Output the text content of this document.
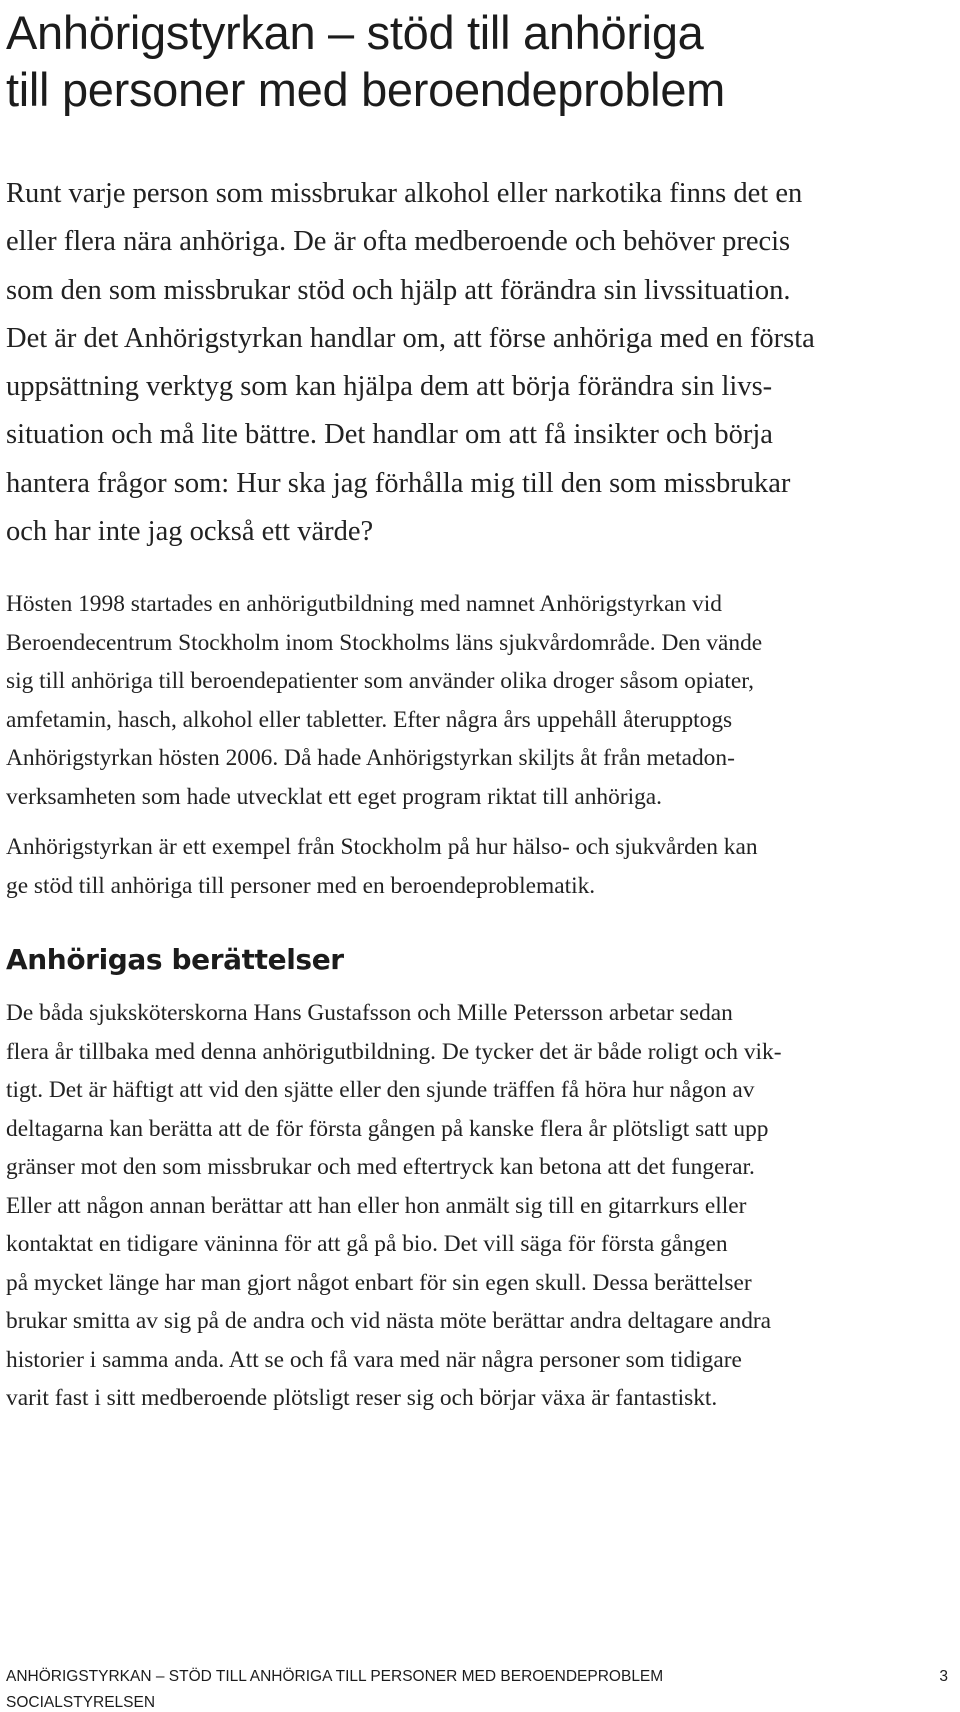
Anhörigstyrkan – stöd till anhöriga
till personer med beroendeproblem

Runt varje person som missbrukar alkohol eller narkotika finns det en
eller flera nära anhöriga. De är ofta medberoende och behöver precis
som den som missbrukar stöd och hjälp att förändra sin livssituation.
Det är det Anhörigstyrkan handlar om, att förse anhöriga med en första
uppsättning verktyg som kan hjälpa dem att börja förändra sin livs-
situation och må lite bättre. Det handlar om att få insikter och börja
hantera frågor som: Hur ska jag förhålla mig till den som missbrukar
och har inte jag också ett värde?

Hösten 1998 startades en anhörigutbildning med namnet Anhörigstyrkan vid
Beroendecentrum Stockholm inom Stockholms läns sjukvårdområde. Den vände
sig till anhöriga till beroendepatienter som använder olika droger såsom opiater,
amfetamin, hasch, alkohol eller tabletter. Efter några års uppehåll återupptogs
Anhörigstyrkan hösten 2006. Då hade Anhörigstyrkan skiljts åt från metadon-
verksamheten som hade utvecklat ett eget program riktat till anhöriga.

Anhörigstyrkan är ett exempel från Stockholm på hur hälso- och sjukvården kan
ge stöd till anhöriga till personer med en beroendeproblematik.

Anhörigas berättelser

De båda sjuksköterskorna Hans Gustafsson och Mille Petersson arbetar sedan
flera år tillbaka med denna anhörigutbildning. De tycker det är både roligt och vik-
tigt. Det är häftigt att vid den sjätte eller den sjunde träffen få höra hur någon av
deltagarna kan berätta att de för första gången på kanske flera år plötsligt satt upp
gränser mot den som missbrukar och med eftertryck kan betona att det fungerar.
Eller att någon annan berättar att han eller hon anmält sig till en gitarrkurs eller
kontaktat en tidigare väninna för att gå på bio. Det vill säga för första gången
på mycket länge har man gjort något enbart för sin egen skull. Dessa berättelser
brukar smitta av sig på de andra och vid nästa möte berättar andra deltagare andra
historier i samma anda. Att se och få vara med när några personer som tidigare
varit fast i sitt medberoende plötsligt reser sig och börjar växa är fantastiskt.

ANHÖRIGSTYRKAN – STÖD TILL ANHÖRIGA TILL PERSONER MED BEROENDEPROBLEM
SOCIALSTYRELSEN
3
